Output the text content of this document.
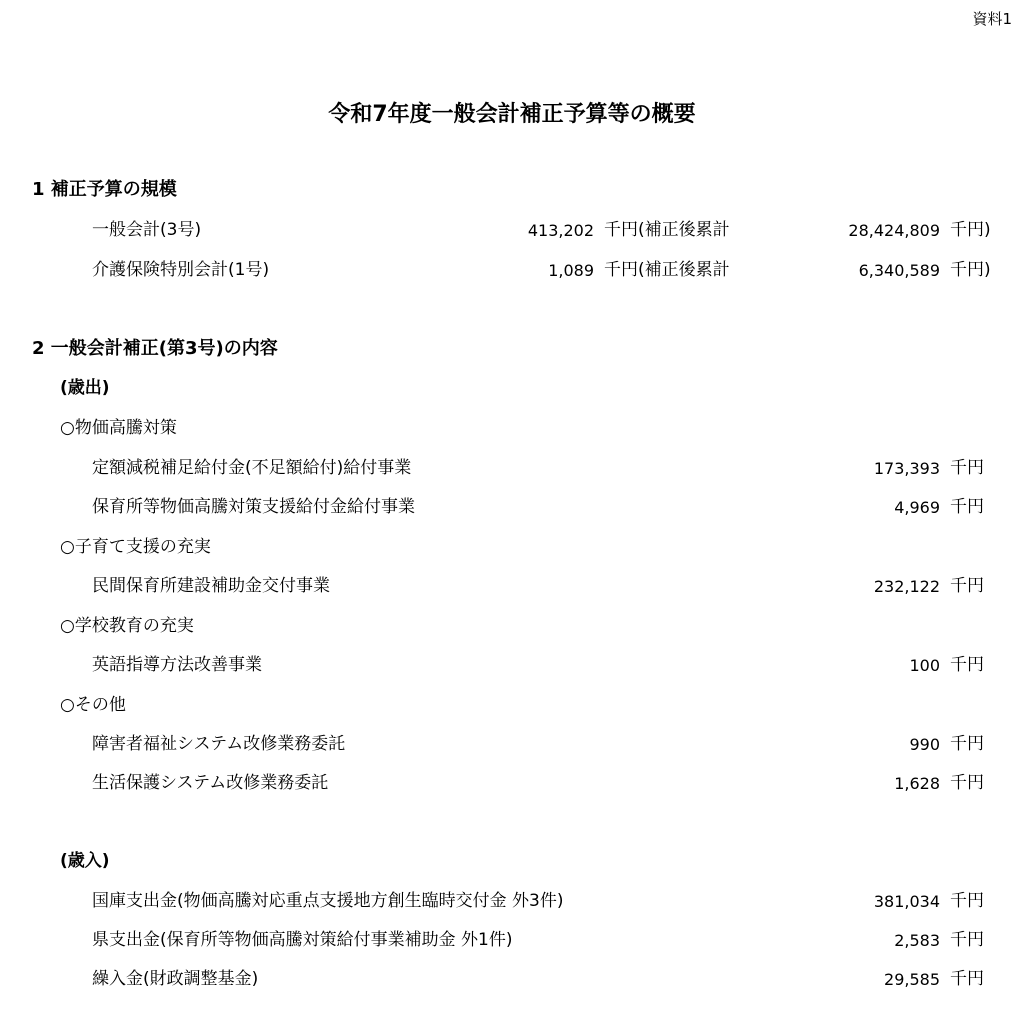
資料1
令和7年度一般会計補正予算等の概要
1 補正予算の規模
一般会計(3号)	413,202 千円(補正後累計	28,424,809 千円)
介護保険特別会計(1号)	1,089 千円(補正後累計	6,340,589 千円)
2 一般会計補正(第3号)の内容
(歳出)
○物価高騰対策
定額減税補足給付金(不足額給付)給付事業	173,393 千円
保育所等物価高騰対策支援給付金給付事業	4,969 千円
○子育て支援の充実
民間保育所建設補助金交付事業	232,122 千円
○学校教育の充実
英語指導方法改善事業	100 千円
○その他
障害者福祉システム改修業務委託	990 千円
生活保護システム改修業務委託	1,628 千円
(歳入)
国庫支出金(物価高騰対応重点支援地方創生臨時交付金 外3件)	381,034 千円
県支出金(保育所等物価高騰対策給付事業補助金 外1件)	2,583 千円
繰入金(財政調整基金)	29,585 千円
